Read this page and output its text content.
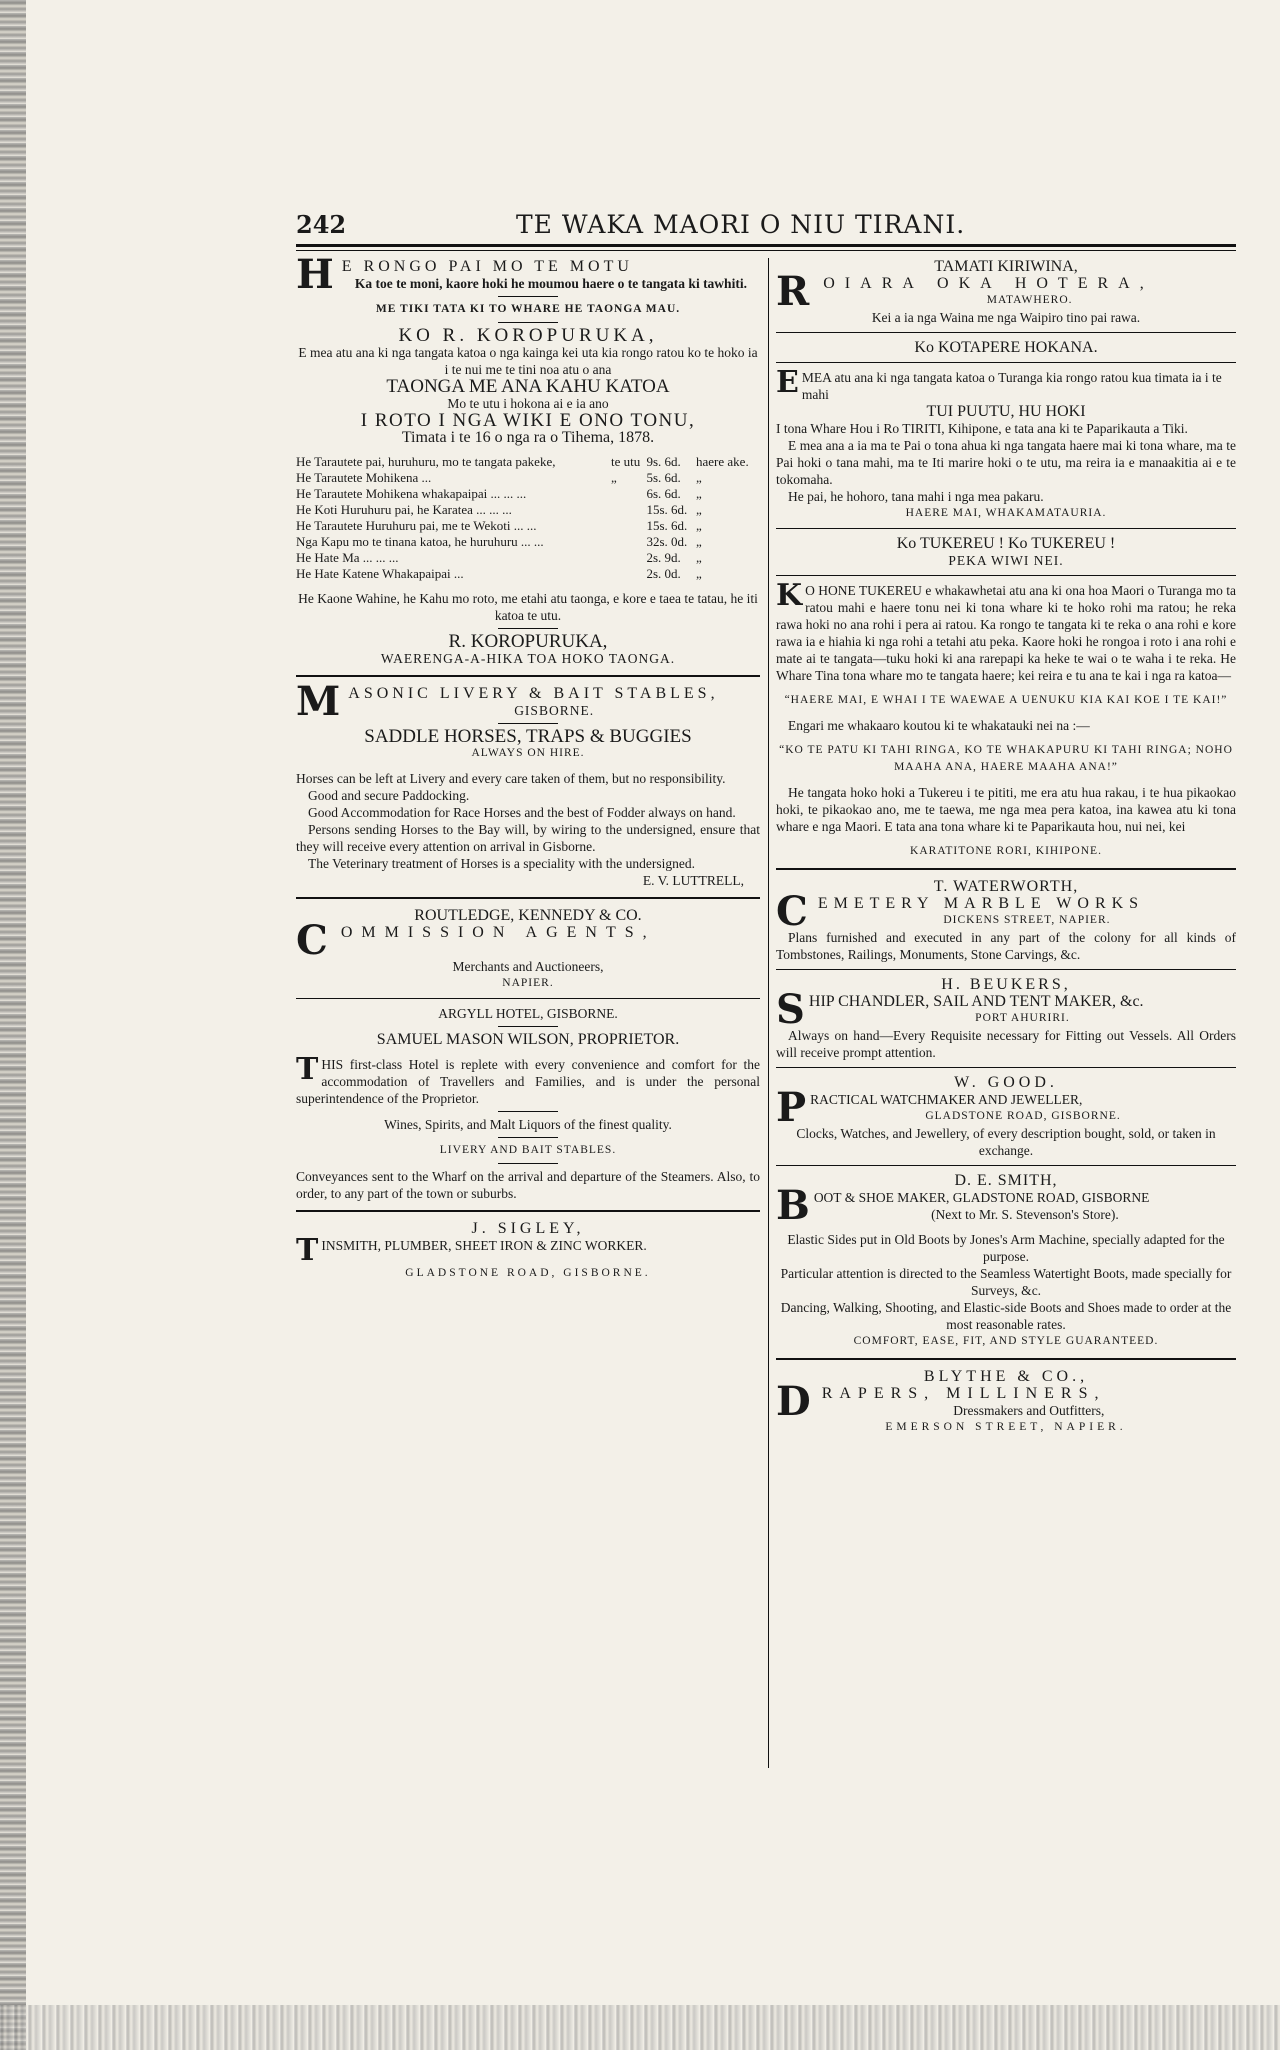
242	TE WAKA MAORI O NIU TIRANI.
H E RONGO PAI MO TE MOTU
Ka toe te moni, kaore hoki he moumou haere o te tangata ki tawhiti.
ME TIKI TATA KI TO WHARE HE TAONGA MAU.
KO R. KOROPURUKA,
E mea atu ana ki nga tangata katoa o nga kainga kei uta kia rongo ratou ko te hoko ia i te nui me te tini noa atu o ana
TAONGA ME ANA KAHU KATOA
Mo te utu i hokona ai e ia ano
I ROTO I NGA WIKI E ONO TONU,
Timata i te 16 o nga ra o Tihema, 1878.
He Tarautete pai, huruhuru, mo te tangata pakeke,	te utu	9s. 6d.	haere ake.
He Tarautete Mohikena ...	„	5s. 6d.	„
He Tarautete Mohikena whakapaipai ... ... ...		6s. 6d.	„
He Koti Huruhuru pai, he Karatea ... ... ...		15s. 6d.	„
He Tarautete Huruhuru pai, me te Wekoti ... ...		15s. 6d.	„
Nga Kapu mo te tinana katoa, he huruhuru ... ...		32s. 0d.	„
He Hate Ma ... ... ...		2s. 9d.	„
He Hate Katene Whakapaipai ...		2s. 0d.	„
He Kaone Wahine, he Kahu mo roto, me etahi atu taonga, e kore e taea te tatau, he iti katoa te utu.
R. KOROPURUKA,
WAERENGA-A-HIKA TOA HOKO TAONGA.
M ASONIC LIVERY & BAIT STABLES,
GISBORNE.
SADDLE HORSES, TRAPS & BUGGIES
ALWAYS ON HIRE.
Horses can be left at Livery and every care taken of them, but no responsibility.
Good and secure Paddocking.
Good Accommodation for Race Horses and the best of Fodder always on hand.
Persons sending Horses to the Bay will, by wiring to the undersigned, ensure that they will receive every attention on arrival in Gisborne.
The Veterinary treatment of Horses is a speciality with the undersigned.
E. V. LUTTRELL,
ROUTLEDGE, KENNEDY & CO.
C OMMISSION AGENTS,
Merchants and Auctioneers,
NAPIER.
ARGYLL HOTEL, GISBORNE.
SAMUEL MASON WILSON, PROPRIETOR.
T HIS first-class Hotel is replete with every convenience and comfort for the accommodation of Travellers and Families, and is under the personal superintendence of the Proprietor.
Wines, Spirits, and Malt Liquors of the finest quality.
LIVERY AND BAIT STABLES.
Conveyances sent to the Wharf on the arrival and departure of the Steamers. Also, to order, to any part of the town or suburbs.
J. SIGLEY,
T INSMITH, PLUMBER, SHEET IRON & ZINC WORKER.
GLADSTONE ROAD, GISBORNE.
TAMATI KIRIWINA,
R OIARA OKA HOTERA,
MATAWHERO.
Kei a ia nga Waina me nga Waipiro tino pai rawa.
Ko KOTAPERE HOKANA.
E MEA atu ana ki nga tangata katoa o Turanga kia rongo ratou kua timata ia i te mahi
TUI PUUTU, HU HOKI
I tona Whare Hou i Ro TIRITI, Kihipone, e tata ana ki te Paparikauta a Tiki.
E mea ana a ia ma te Pai o tona ahua ki nga tangata haere mai ki tona whare, ma te Pai hoki o tana mahi, ma te Iti marire hoki o te utu, ma reira ia e manaakitia ai e te tokomaha.
He pai, he hohoro, tana mahi i nga mea pakaru.
HAERE MAI, WHAKAMATAURIA.
Ko TUKEREU ! Ko TUKEREU !
PEKA WIWI NEI.
K O HONE TUKEREU e whakawhetai atu ana ki ona hoa Maori o Turanga mo ta ratou mahi e haere tonu nei ki tona whare ki te hoko rohi ma ratou; he reka rawa hoki no ana rohi i pera ai ratou. Ka rongo te tangata ki te reka o ana rohi e kore rawa ia e hiahia ki nga rohi a tetahi atu peka. Kaore hoki he rongoa i roto i ana rohi e mate ai te tangata—tuku hoki ki ana rarepapi ka heke te wai o te waha i te reka. He Whare Tina tona whare mo te tangata haere; kei reira e tu ana te kai i nga ra katoa—
“HAERE MAI, E WHAI I TE WAEWAE A UENUKU KIA KAI KOE I TE KAI!”
Engari me whakaaro koutou ki te whakatauki nei na :—
“KO TE PATU KI TAHI RINGA, KO TE WHAKAPURU KI TAHI RINGA; NOHO MAAHA ANA, HAERE MAAHA ANA!”
He tangata hoko hoki a Tukereu i te pititi, me era atu hua rakau, i te hua pikaokao hoki, te pikaokao ano, me te taewa, me nga mea pera katoa, ina kawea atu ki tona whare e nga Maori. E tata ana tona whare ki te Paparikauta hou, nui nei, kei
KARATITONE RORI, KIHIPONE.
T. WATERWORTH,
C EMETERY MARBLE WORKS
DICKENS STREET, NAPIER.
Plans furnished and executed in any part of the colony for all kinds of Tombstones, Railings, Monuments, Stone Carvings, &c.
H. BEUKERS,
S HIP CHANDLER, SAIL AND TENT MAKER, &c.
PORT AHURIRI.
Always on hand—Every Requisite necessary for Fitting out Vessels. All Orders will receive prompt attention.
W. GOOD.
P RACTICAL WATCHMAKER AND JEWELLER,
GLADSTONE ROAD, GISBORNE.
Clocks, Watches, and Jewellery, of every description bought, sold, or taken in exchange.
D. E. SMITH,
B OOT & SHOE MAKER, GLADSTONE ROAD, GISBORNE
(Next to Mr. S. Stevenson's Store).
Elastic Sides put in Old Boots by Jones's Arm Machine, specially adapted for the purpose.
Particular attention is directed to the Seamless Watertight Boots, made specially for Surveys, &c.
Dancing, Walking, Shooting, and Elastic-side Boots and Shoes made to order at the most reasonable rates.
COMFORT, EASE, FIT, AND STYLE GUARANTEED.
BLYTHE & CO.,
D RAPERS, MILLINERS,
Dressmakers and Outfitters,
EMERSON STREET, NAPIER.
